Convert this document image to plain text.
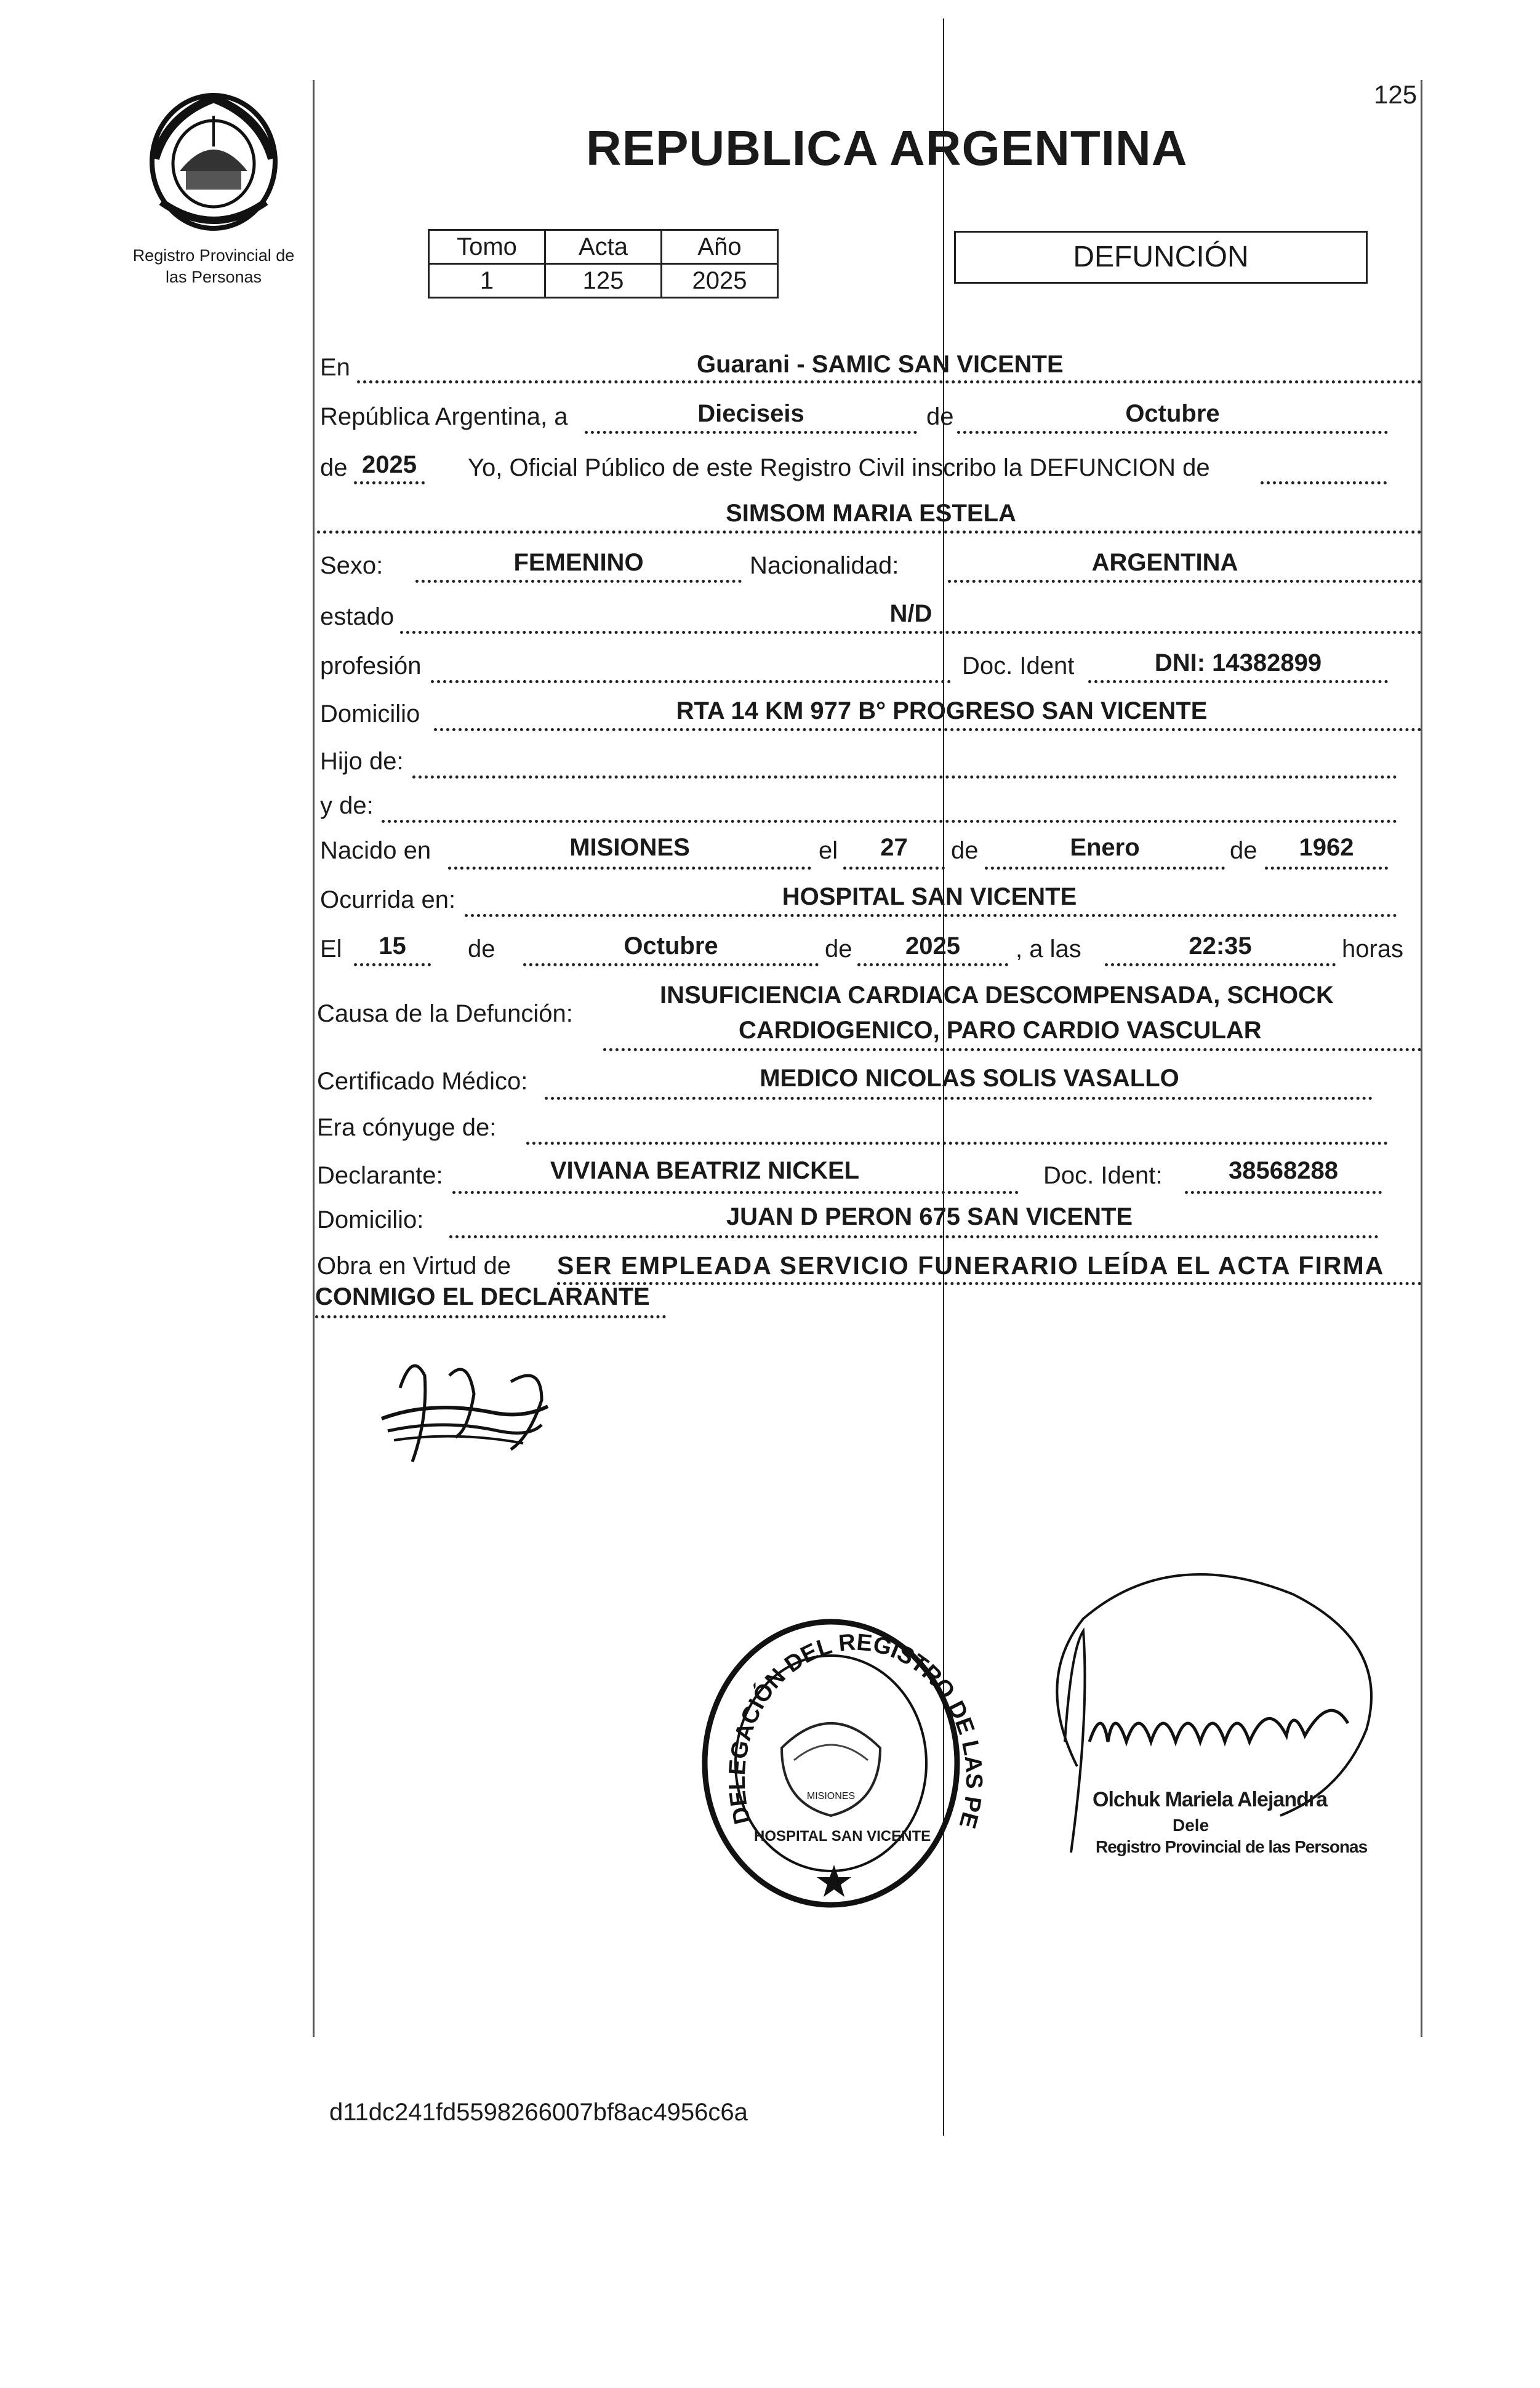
125
Registro Provincial de
las Personas
REPUBLICA ARGENTINA
Tomo	Acta	Año
1	125	2025
DEFUNCIÓN
En	Guarani - SAMIC SAN VICENTE
República Argentina, a	Dieciseis	de	Octubre
de 2025	Yo, Oficial Público de este Registro Civil inscribo la DEFUNCION de
SIMSOM MARIA ESTELA
Sexo:	FEMENINO	Nacionalidad:	ARGENTINA
estado	N/D
profesión	Doc. Ident	DNI: 14382899
Domicilio	RTA 14 KM 977 B° PROGRESO SAN VICENTE
Hijo de:
y de:
Nacido en	MISIONES	el	27	de	Enero	de	1962
Ocurrida en:	HOSPITAL SAN VICENTE
El	15	de	Octubre	de	2025	, a las	22:35	horas
Causa de la Defunción:
INSUFICIENCIA CARDIACA DESCOMPENSADA, SCHOCK
CARDIOGENICO, PARO CARDIO VASCULAR
Certificado Médico:	MEDICO NICOLAS SOLIS VASALLO
Era cónyuge de:
Declarante:	VIVIANA BEATRIZ NICKEL	Doc. Ident:	38568288
Domicilio:	JUAN D PERON 675 SAN VICENTE
Obra en Virtud de SER EMPLEADA SERVICIO FUNERARIO LEÍDA EL ACTA FIRMA
CONMIGO EL DECLARANTE
HOSPITAL SAN VICENTE
MISIONES
DELEGACIÓN DEL REGISTRO DE LAS PE
Olchuk Mariela Alejandra
Dele
Registro Provincial de las Personas
d11dc241fd5598266007bf8ac4956c6a
